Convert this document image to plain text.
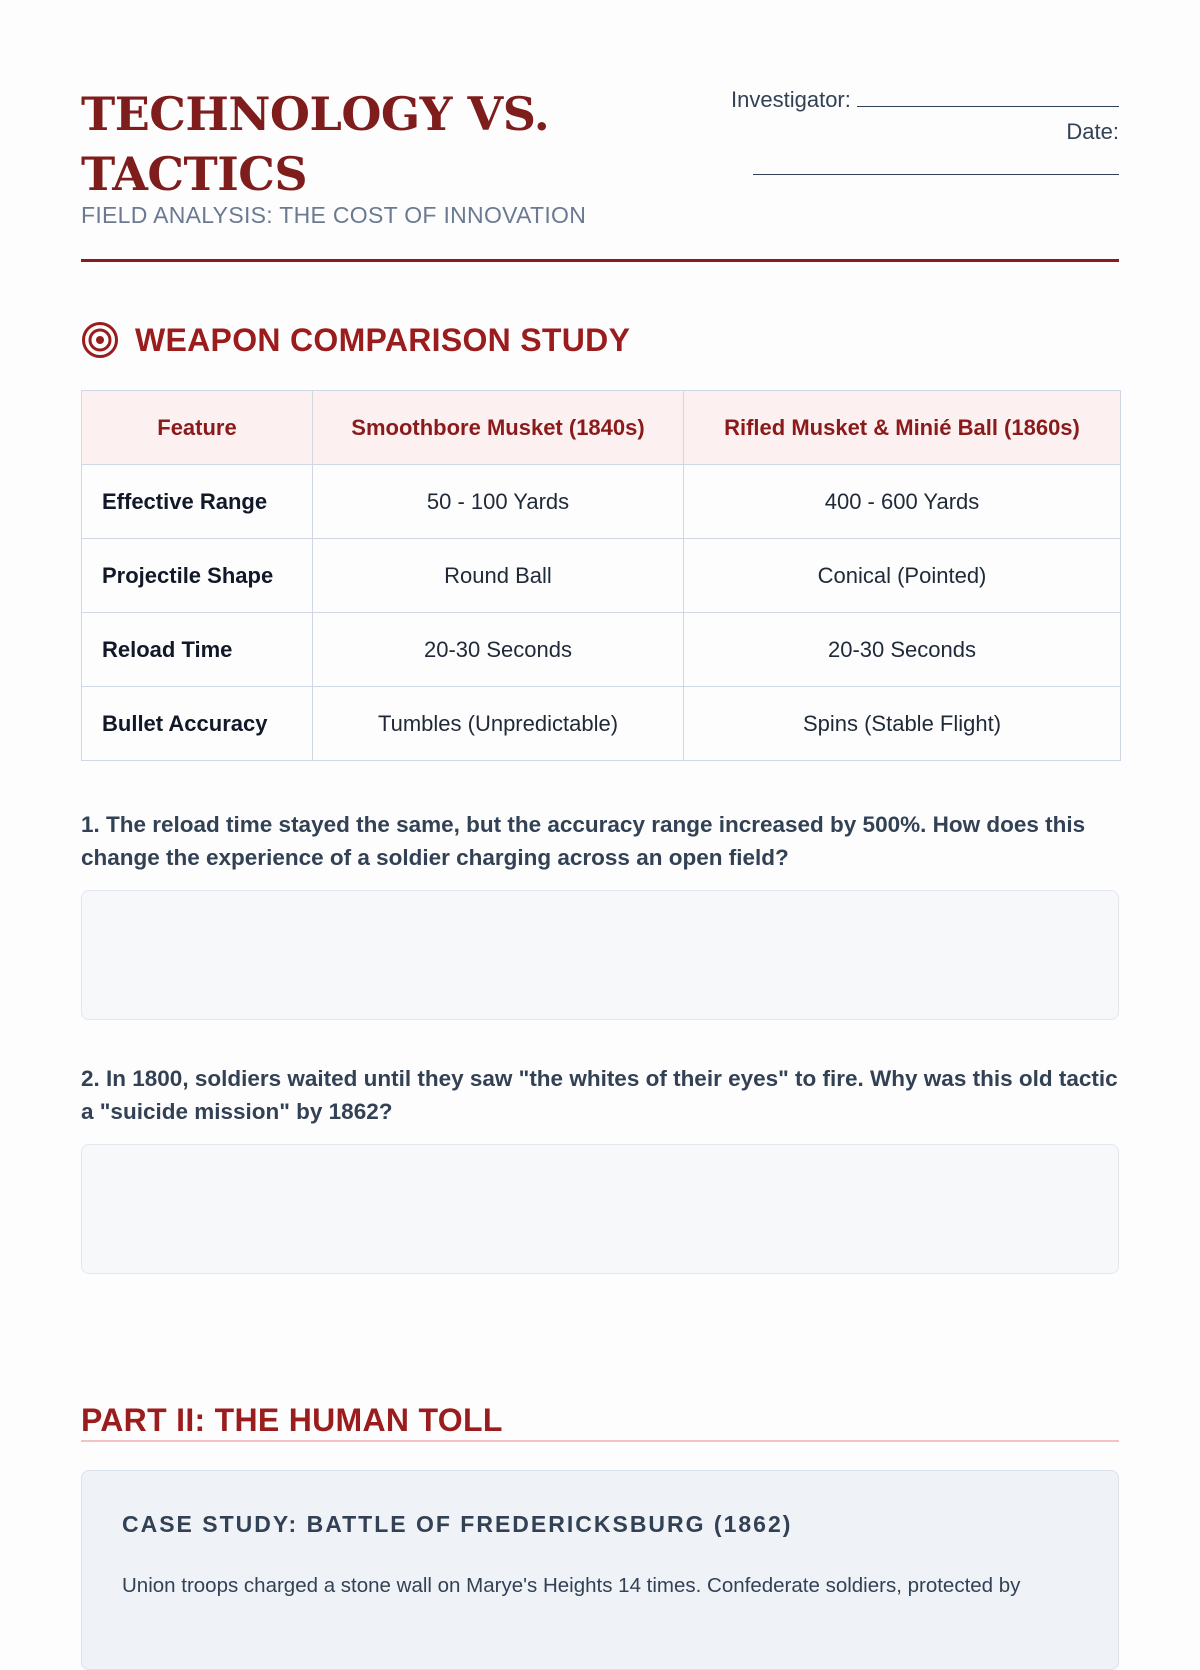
TECHNOLOGY VS. TACTICS
FIELD ANALYSIS: THE COST OF INNOVATION
Investigator:
Date:
WEAPON COMPARISON STUDY
Feature	Smoothbore Musket (1840s)	Rifled Musket & Minié Ball (1860s)
Effective Range	50 - 100 Yards	400 - 600 Yards
Projectile Shape	Round Ball	Conical (Pointed)
Reload Time	20-30 Seconds	20-30 Seconds
Bullet Accuracy	Tumbles (Unpredictable)	Spins (Stable Flight)
1. The reload time stayed the same, but the accuracy range increased by 500%. How does this change the experience of a soldier charging across an open field?
2. In 1800, soldiers waited until they saw "the whites of their eyes" to fire. Why was this old tactic a "suicide mission" by 1862?
PART II: THE HUMAN TOLL
CASE STUDY: BATTLE OF FREDERICKSBURG (1862)

Union troops charged a stone wall on Marye's Heights 14 times. Confederate soldiers, protected by
